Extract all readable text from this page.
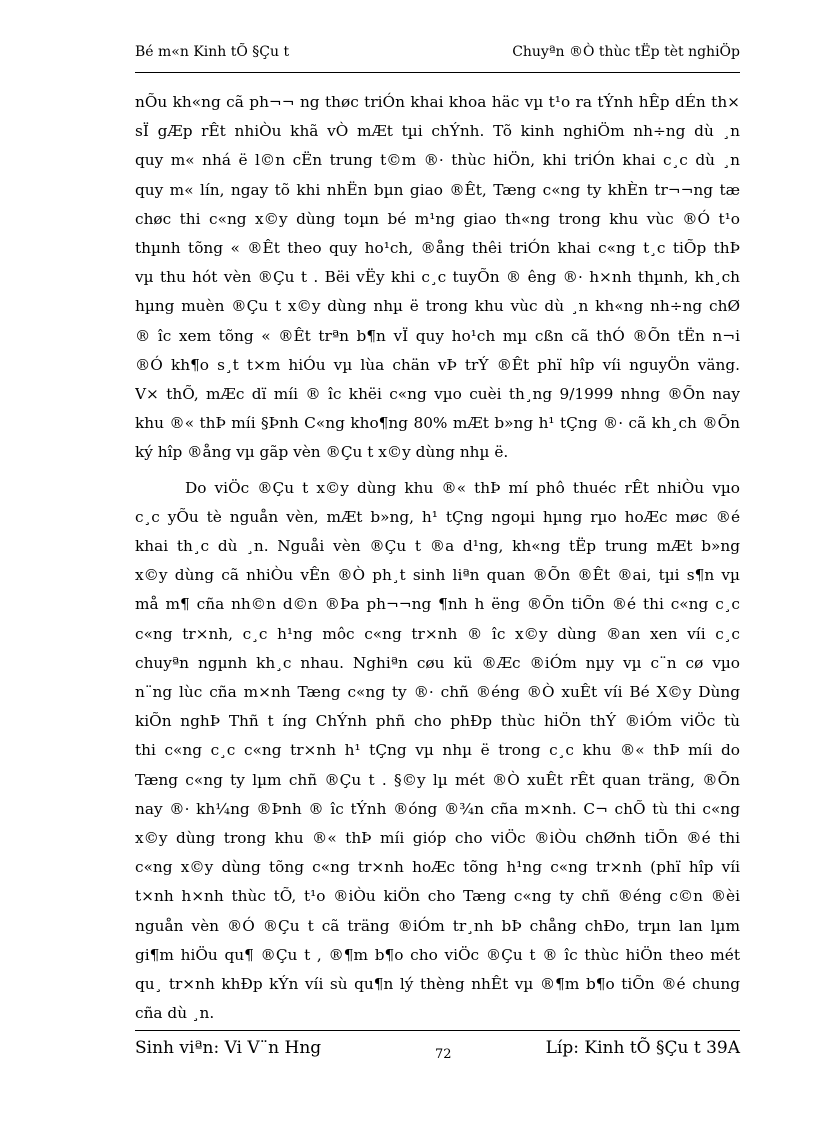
Bé m«n Kinh tÕ §Çu t	Chuyªn ®Ò thùc tËp tèt nghiÖp

nÕu kh«ng cã ph¬¬ ng thøc triÓn khai khoa häc vµ t¹o ra tÝnh hÊp dÉn th×
sÏ gÆp rÊt nhiÒu khã vÒ mÆt tµi chÝnh. Tõ kinh nghiÖm nh÷ng dù ¸n
quy m« nhá ë l©n cËn trung t©m ®· thùc hiÖn, khi triÓn khai c¸c dù ¸n
quy m« lín, ngay tõ khi nhËn bµn giao ®Êt, Tæng c«ng ty khÈn tr¬¬ng tæ
chøc thi c«ng x©y dùng toµn bé m¹ng giao th«ng trong khu vùc ®Ó t¹o
thµnh tõng « ®Êt theo quy ho¹ch, ®ång thêi triÓn khai c«ng t¸c tiÕp thÞ
vµ thu hót vèn ®Çu t . Bëi vËy khi c¸c tuyÕn ® êng ®· h×nh thµnh, kh¸ch
hµng muèn ®Çu t x©y dùng nhµ ë trong khu vùc dù ¸n kh«ng nh÷ng chØ
® îc xem tõng « ®Êt trªn b¶n vÏ quy ho¹ch mµ cßn cã thÓ ®Õn tËn n¬i
®Ó kh¶o s¸t t×m hiÓu vµ lùa chän vÞ trÝ ®Êt phï hîp víi nguyÖn väng.
V× thÕ, mÆc dï míi ® îc khëi c«ng vµo cuèi th¸ng 9/1999 nhng ®Õn nay
khu ®« thÞ míi §Þnh C«ng kho¶ng 80% mÆt b»ng h¹ tÇng ®· cã kh¸ch ®Õn
ký hîp ®ång vµ gãp vèn ®Çu t x©y dùng nhµ ë.

Do viÖc ®Çu t x©y dùng khu ®« thÞ mí phô thuéc rÊt nhiÒu vµo
c¸c yÕu tè nguån vèn, mÆt b»ng, h¹ tÇng ngoµi hµng rµo hoÆc møc ®é
khai th¸c dù ¸n. Nguåi vèn ®Çu t ®a d¹ng, kh«ng tËp trung mÆt b»ng
x©y dùng cã nhiÒu vÊn ®Ò ph¸t sinh liªn quan ®Õn ®Êt ®ai, tµi s¶n vµ
må m¶ cña nh©n d©n ®Þa ph¬¬ng ¶nh h ëng ®Õn tiÕn ®é thi c«ng c¸c
c«ng tr×nh, c¸c h¹ng môc c«ng tr×nh ® îc x©y dùng ®an xen víi c¸c
chuyªn ngµnh kh¸c nhau. Nghiªn cøu kü ®Æc ®iÓm nµy vµ c¨n cø vµo
n¨ng lùc cña m×nh Tæng c«ng ty ®· chñ ®éng ®Ò xuÊt víi Bé X©y Dùng
kiÕn nghÞ Thñ t íng ChÝnh phñ cho phÐp thùc hiÖn thÝ ®iÓm viÖc tù
thi c«ng c¸c c«ng tr×nh h¹ tÇng vµ nhµ ë trong c¸c khu ®« thÞ míi do
Tæng c«ng ty lµm chñ ®Çu t . §©y lµ mét ®Ò xuÊt rÊt quan träng, ®Õn
nay ®· kh¼ng ®Þnh ® îc tÝnh ®óng ®¾n cña m×nh. C¬ chÕ tù thi c«ng
x©y dùng trong khu ®« thÞ míi gióp cho viÖc ®iÒu chØnh tiÕn ®é thi
c«ng x©y dùng tõng c«ng tr×nh hoÆc tõng h¹ng c«ng tr×nh (phï hîp víi
t×nh h×nh thùc tÕ, t¹o ®iÒu kiÖn cho Tæng c«ng ty chñ ®éng c©n ®èi
nguån vèn ®Ó ®Çu t cã träng ®iÓm tr¸nh bÞ chång chÐo, trµn lan lµm
gi¶m hiÖu qu¶ ®Çu t , ®¶m b¶o cho viÖc ®Çu t ® îc thùc hiÖn theo mét
qu¸ tr×nh khÐp kÝn víi sù qu¶n lý thèng nhÊt vµ ®¶m b¶o tiÕn ®é chung
cña dù ¸n.

Sinh viªn: Vi V¨n Hng	72	Líp: Kinh tÕ §Çu t 39A
